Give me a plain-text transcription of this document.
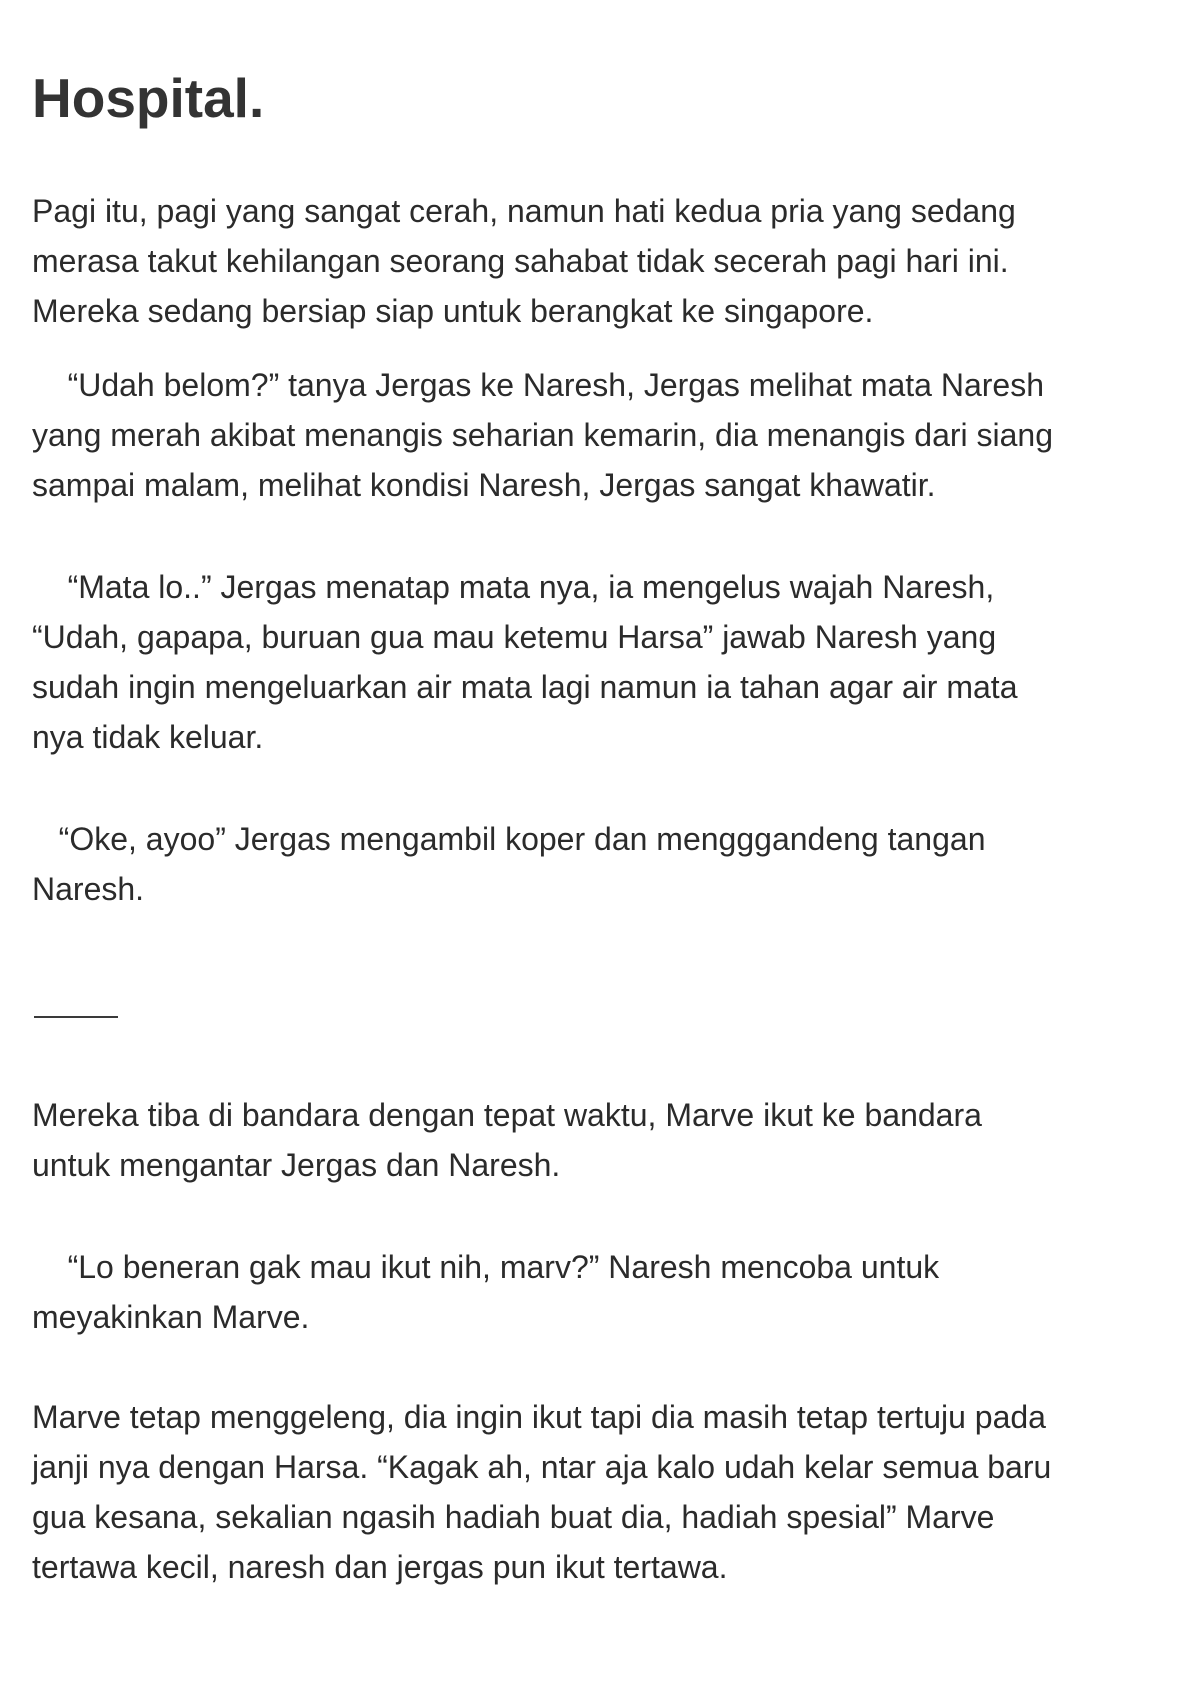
Hospital.

Pagi itu, pagi yang sangat cerah, namun hati kedua pria yang sedang
merasa takut kehilangan seorang sahabat tidak secerah pagi hari ini.
Mereka sedang bersiap siap untuk berangkat ke singapore.

“Udah belom?” tanya Jergas ke Naresh, Jergas melihat mata Naresh
yang merah akibat menangis seharian kemarin, dia menangis dari siang
sampai malam, melihat kondisi Naresh, Jergas sangat khawatir.

“Mata lo..” Jergas menatap mata nya, ia mengelus wajah Naresh,
“Udah, gapapa, buruan gua mau ketemu Harsa” jawab Naresh yang
sudah ingin mengeluarkan air mata lagi namun ia tahan agar air mata
nya tidak keluar.

“Oke, ayoo” Jergas mengambil koper dan mengggandeng tangan
Naresh.

Mereka tiba di bandara dengan tepat waktu, Marve ikut ke bandara
untuk mengantar Jergas dan Naresh.

“Lo beneran gak mau ikut nih, marv?” Naresh mencoba untuk
meyakinkan Marve.

Marve tetap menggeleng, dia ingin ikut tapi dia masih tetap tertuju pada
janji nya dengan Harsa. “Kagak ah, ntar aja kalo udah kelar semua baru
gua kesana, sekalian ngasih hadiah buat dia, hadiah spesial” Marve
tertawa kecil, naresh dan jergas pun ikut tertawa.
